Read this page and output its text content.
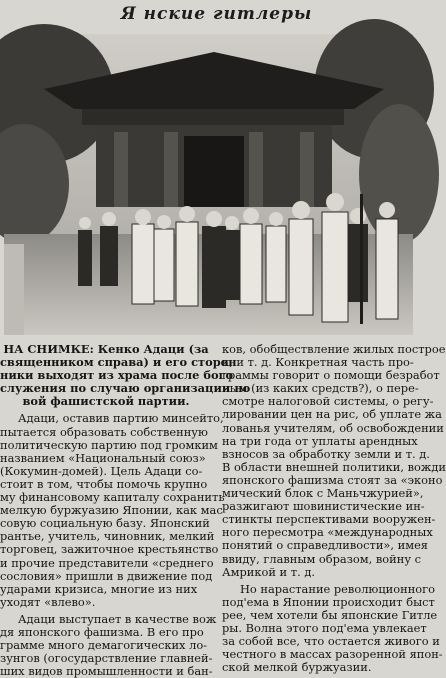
Я нские гитлеры
НА СНИМКЕ: Кенко Адаци (за
священником справа) и его сторон
ники выходят из храма после бого
служения по случаю организации но
вой фашистской партии.
Адаци, оставив партию минсейто,
пытается образовать собственную
политическую партию под громким
названием «Национальный союз»
(Кокумин-домей). Цель Адаци со-
стоит в том, чтобы помочь крупно
му финансовому капиталу сохранить
мелкую буржуазию Японии, как мас
совую социальную базу. Японский
рантье, учитель, чиновник, мелкий
торговец, зажиточное крестьянство
и прочие представители «среднего
сословия» пришли в движение под
ударами кризиса, многие из них
уходят «влево».
Адаци выступает в качестве вож
дя японского фашизма. В его про
грамме много демагогических ло-
зунгов (огосударствление главней-
ших видов промышленности и бан-
ков, обобществление жилых построе
к, и т. д. Конкретная часть про-
граммы говорит о помощи безработ
ным (из каких средств?), о пере-
смотре налоговой системы, о регу-
лировании цен на рис, об уплате жа
лованья учителям, об освобождении
на три года от уплаты арендных
взносов за обработку земли и т. д.
В области внешней политики, вожди
японского фашизма стоят за «эконо
мический блок с Маньчжурией»,
разжигают шовинистические ин-
стинкты перспективами вооружен-
ного пересмотра «международных
понятий о справедливости», имея
ввиду, главным образом, войну с
Амрикой и т. д.
Но нарастание революционного
под'ема в Японии происходит быст
рее, чем хотели бы японские Гитле
ры. Волна этого под'ема увлекает
за собой все, что остается живого и
честного в массах разоренной япон-
ской мелкой буржуазии.
